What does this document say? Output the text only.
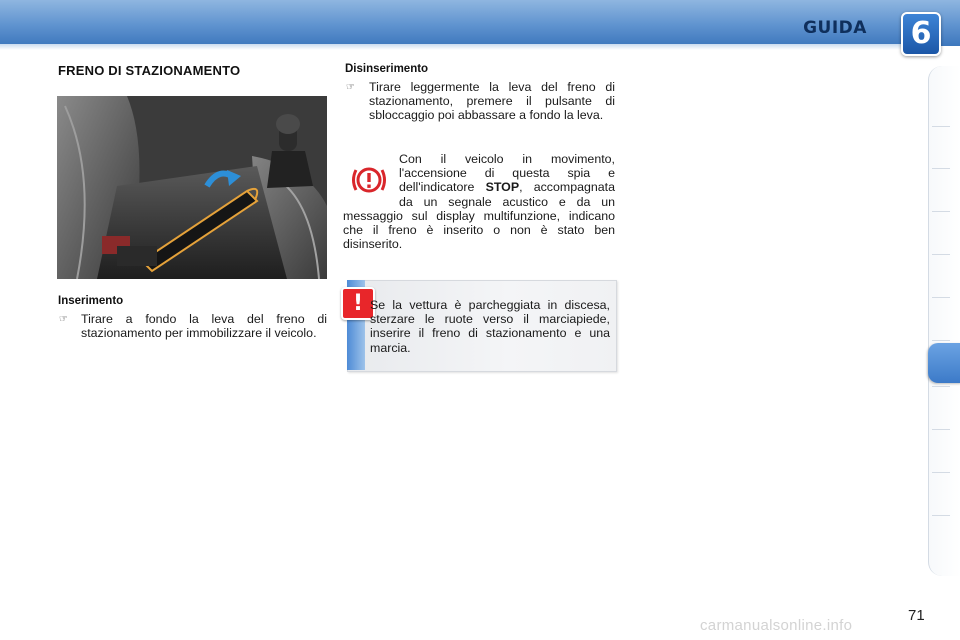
GUIDA	6
FRENO DI STAZIONAMENTO
Inserimento
☞ Tirare a fondo la leva del freno di stazionamento per immobilizzare il veicolo.
Disinserimento
☞ Tirare leggermente la leva del freno di stazionamento, premere il pulsante di sbloccaggio poi abbassare a fondo la leva.
Con il veicolo in movimento, l'accensione di questa spia e dell'indicatore STOP, accompagnata da un segnale acustico e da un messaggio sul display multifunzione, indicano che il freno è inserito o non è stato ben disinserito.
! Se la vettura è parcheggiata in discesa, sterzare le ruote verso il marciapiede, inserire il freno di stazionamento e una marcia.
71
carmanualsonline.info
